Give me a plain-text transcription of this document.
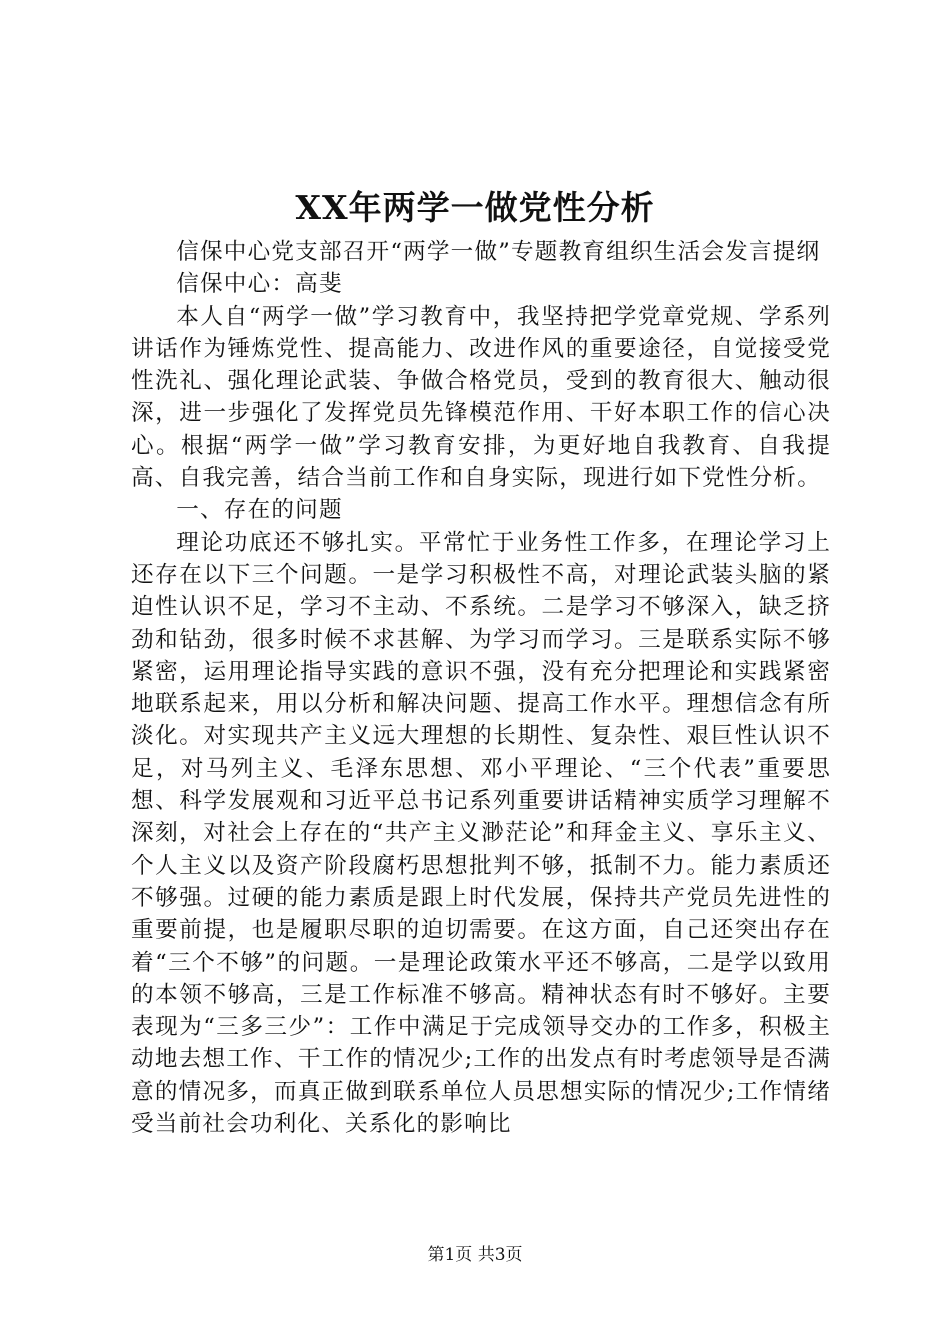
XX年两学一做党性分析

信保中心党支部召开“两学一做”专题教育组织生活会发言提纲

信保中心：高斐

本人自“两学一做”学习教育中，我坚持把学党章党规、学系列讲话作为锤炼党性、提高能力、改进作风的重要途径，自觉接受党性洗礼、强化理论武装、争做合格党员，受到的教育很大、触动很深，进一步强化了发挥党员先锋模范作用、干好本职工作的信心决心。根据“两学一做”学习教育安排，为更好地自我教育、自我提高、自我完善，结合当前工作和自身实际，现进行如下党性分析。

一、存在的问题

理论功底还不够扎实。平常忙于业务性工作多，在理论学习上还存在以下三个问题。一是学习积极性不高，对理论武装头脑的紧迫性认识不足，学习不主动、不系统。二是学习不够深入，缺乏挤劲和钻劲，很多时候不求甚解、为学习而学习。三是联系实际不够紧密，运用理论指导实践的意识不强，没有充分把理论和实践紧密地联系起来，用以分析和解决问题、提高工作水平。理想信念有所淡化。对实现共产主义远大理想的长期性、复杂性、艰巨性认识不足，对马列主义、毛泽东思想、邓小平理论、“三个代表”重要思想、科学发展观和习近平总书记系列重要讲话精神实质学习理解不深刻，对社会上存在的“共产主义渺茫论”和拜金主义、享乐主义、个人主义以及资产阶段腐朽思想批判不够，抵制不力。能力素质还不够强。过硬的能力素质是跟上时代发展，保持共产党员先进性的重要前提，也是履职尽职的迫切需要。在这方面，自己还突出存在着“三个不够”的问题。一是理论政策水平还不够高，二是学以致用的本领不够高，三是工作标准不够高。精神状态有时不够好。主要表现为“三多三少”：工作中满足于完成领导交办的工作多，积极主动地去想工作、干工作的情况少;工作的出发点有时考虑领导是否满意的情况多，而真正做到联系单位人员思想实际的情况少;工作情绪受当前社会功利化、关系化的影响比

第1页 共3页
